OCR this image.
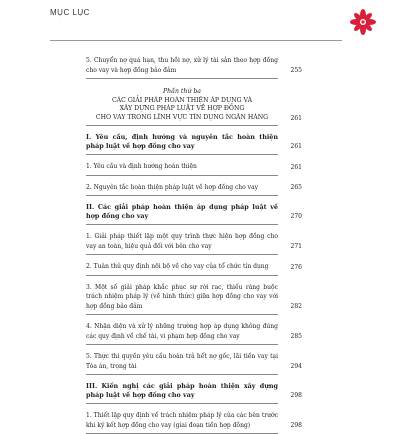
MỤC LỤC
5. Chuyển nợ quá hạn, thu hồi nợ, xử lý tài sản theo hợp đồng cho vay và hợp đồng bảo đảm
Phần thứ ba
CÁC GIẢI PHÁP HOÀN THIỆN ÁP DỤNG VÀ
XÂY DỰNG PHÁP LUẬT VỀ HỢP ĐỒNG
CHO VAY TRONG LĨNH VỰC TÍN DỤNG NGÂN HÀNG
I. Yêu cầu, định hướng và nguyên tắc hoàn thiện pháp luật về hợp đồng cho vay
1. Yêu cầu và định hướng hoàn thiện
2. Nguyên tắc hoàn thiện pháp luật về hợp đồng cho vay
II. Các giải pháp hoàn thiện áp dụng pháp luật về hợp đồng cho vay
1. Giải pháp thiết lập một quy trình thực hiện hợp đồng cho vay an toàn, hiệu quả đối với bên cho vay
2. Tuân thủ quy định nội bộ về cho vay của tổ chức tín dụng
3. Một số giải pháp khắc phục sự rời rạc, thiếu ràng buộc trách nhiệm pháp lý (về hình thức) giữa hợp đồng cho vay với hợp đồng bảo đảm
4. Nhận diện và xử lý những trường hợp áp dụng không đúng các quy định về chế tài, vi phạm hợp đồng cho vay
5. Thực thi quyền yêu cầu hoàn trả hết nợ gốc, lãi tiền vay tại Tòa án, trọng tài
III. Kiến nghị các giải pháp hoàn thiện xây dựng pháp luật về hợp đồng cho vay
1. Thiết lập quy định về trách nhiệm pháp lý của các bên trước khi ký kết hợp đồng cho vay (giai đoạn tiền hợp đồng)
255
261
261
261
265
270
271
276
282
285
294
298
298
